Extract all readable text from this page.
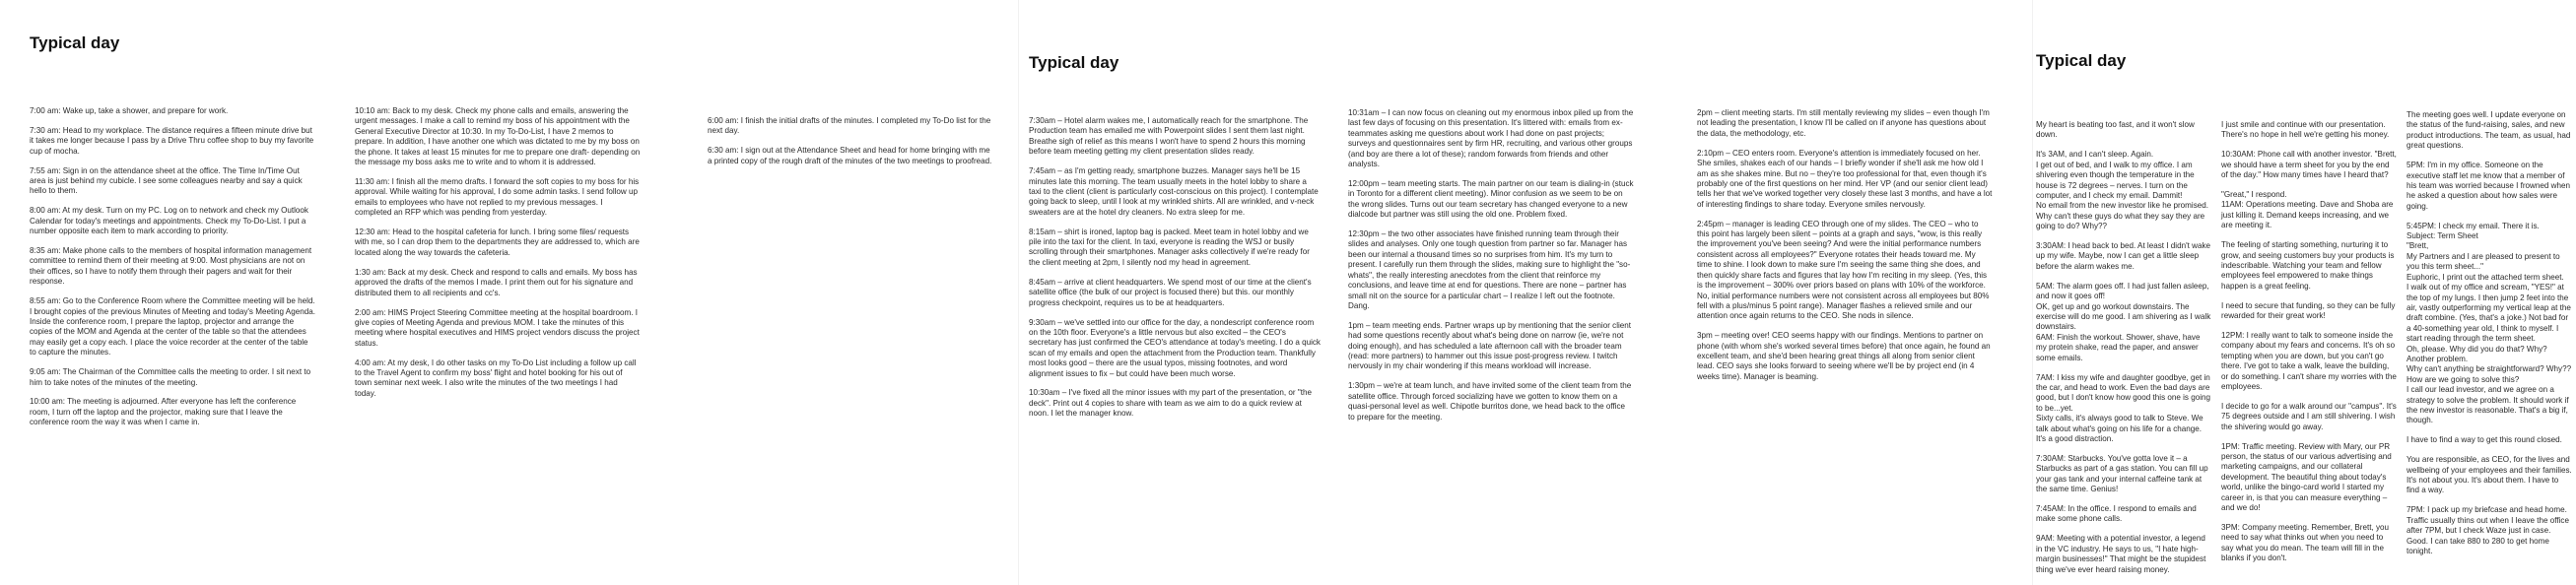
Typical day

7:00 am: Wake up, take a shower, and prepare for work.

7:30 am: Head to my workplace. The distance requires a fifteen minute drive but it takes me longer because I pass by a Drive Thru coffee shop to buy my favorite cup of mocha.

7:55 am: Sign in on the attendance sheet at the office. The Time In/Time Out area is just behind my cubicle. I see some colleagues nearby and say a quick hello to them.

8:00 am: At my desk. Turn on my PC. Log on to network and check my Outlook Calendar for today's meetings and appointments. Check my To-Do-List. I put a number opposite each item to mark according to priority.

8:35 am: Make phone calls to the members of hospital information management committee to remind them of their meeting at 9:00. Most physicians are not on their offices, so I have to notify them through their pagers and wait for their response.

8:55 am: Go to the Conference Room where the Committee meeting will be held. I brought copies of the previous Minutes of Meeting and today's Meeting Agenda. Inside the conference room, I prepare the laptop, projector and arrange the copies of the MOM and Agenda at the center of the table so that the attendees may easily get a copy each. I place the voice recorder at the center of the table to capture the minutes.

9:05 am: The Chairman of the Committee calls the meeting to order. I sit next to him to take notes of the minutes of the meeting.

10:00 am: The meeting is adjourned. After everyone has left the conference room, I turn off the laptop and the projector, making sure that I leave the conference room the way it was when I came in.

10:10 am: Back to my desk. Check my phone calls and emails, answering the urgent messages. I make a call to remind my boss of his appointment with the General Executive Director at 10:30. In my To-Do-List, I have 2 memos to prepare. In addition, I have another one which was dictated to me by my boss on the phone. It takes at least 15 minutes for me to prepare one draft- depending on the message my boss asks me to write and to whom it is addressed.

11:30 am: I finish all the memo drafts. I forward the soft copies to my boss for his approval. While waiting for his approval, I do some admin tasks. I send follow up emails to employees who have not replied to my previous messages. I completed an RFP which was pending from yesterday.

12:30 am: Head to the hospital cafeteria for lunch. I bring some files/ requests with me, so I can drop them to the departments they are addressed to, which are located along the way towards the cafeteria.

1:30 am: Back at my desk. Check and respond to calls and emails. My boss has approved the drafts of the memos I made. I print them out for his signature and distributed them to all recipients and cc's.

2:00 am: HIMS Project Steering Committee meeting at the hospital boardroom. I give copies of Meeting Agenda and previous MOM. I take the minutes of this meeting where hospital executives and HIMS project vendors discuss the project status.

4:00 am: At my desk, I do other tasks on my To-Do List including a follow up call to the Travel Agent to confirm my boss' flight and hotel booking for his out of town seminar next week. I also write the minutes of the two meetings I had today.

6:00 am: I finish the initial drafts of the minutes. I completed my To-Do list for the next day.

6:30 am: I sign out at the Attendance Sheet and head for home bringing with me a printed copy of the rough draft of the minutes of the two meetings to proofread.

Typical day

7:30am – Hotel alarm wakes me, I automatically reach for the smartphone. The Production team has emailed me with Powerpoint slides I sent them last night. Breathe sigh of relief as this means I won't have to spend 2 hours this morning before team meeting getting my client presentation slides ready.

7:45am – as I'm getting ready, smartphone buzzes. Manager says he'll be 15 minutes late this morning. The team usually meets in the hotel lobby to share a taxi to the client (client is particularly cost-conscious on this project). I contemplate going back to sleep, until I look at my wrinkled shirts. All are wrinkled, and v-neck sweaters are at the hotel dry cleaners. No extra sleep for me.

8:15am – shirt is ironed, laptop bag is packed. Meet team in hotel lobby and we pile into the taxi for the client. In taxi, everyone is reading the WSJ or busily scrolling through their smartphones. Manager asks collectively if we're ready for the client meeting at 2pm, I silently nod my head in agreement.

8:45am – arrive at client headquarters. We spend most of our time at the client's satellite office (the bulk of our project is focused there) but this. our monthly progress checkpoint, requires us to be at headquarters.

9:30am – we've settled into our office for the day, a nondescript conference room on the 10th floor. Everyone's a little nervous but also excited – the CEO's secretary has just confirmed the CEO's attendance at today's meeting. I do a quick scan of my emails and open the attachment from the Production team. Thankfully most looks good – there are the usual typos, missing footnotes, and word alignment issues to fix – but could have been much worse.

10:30am – I've fixed all the minor issues with my part of the presentation, or "the deck". Print out 4 copies to share with team as we aim to do a quick review at noon. I let the manager know.

10:31am – I can now focus on cleaning out my enormous inbox piled up from the last few days of focusing on this presentation. It's littered with: emails from ex-teammates asking me questions about work I had done on past projects; surveys and questionnaires sent by firm HR, recruiting, and various other groups (and boy are there a lot of these); random forwards from friends and other analysts.

12:00pm – team meeting starts. The main partner on our team is dialing-in (stuck in Toronto for a different client meeting). Minor confusion as we seem to be on the wrong slides. Turns out our team secretary has changed everyone to a new dialcode but partner was still using the old one. Problem fixed.

12:30pm – the two other associates have finished running team through their slides and analyses. Only one tough question from partner so far. Manager has been our internal a thousand times so no surprises from him. It's my turn to present. I carefully run them through the slides, making sure to highlight the "so-whats", the really interesting anecdotes from the client that reinforce my conclusions, and leave time at end for questions. There are none – partner has small nit on the source for a particular chart – I realize I left out the footnote. Dang.

1pm – team meeting ends. Partner wraps up by mentioning that the senior client had some questions recently about what's being done on narrow (ie, we're not doing enough), and has scheduled a late afternoon call with the broader team (read: more partners) to hammer out this issue post-progress review. I twitch nervously in my chair wondering if this means workload will increase.

1:30pm – we're at team lunch, and have invited some of the client team from the satellite office. Through forced socializing have we gotten to know them on a quasi-personal level as well. Chipotle burritos done, we head back to the office to prepare for the meeting.

2pm – client meeting starts. I'm still mentally reviewing my slides – even though I'm not leading the presentation, I know I'll be called on if anyone has questions about the data, the methodology, etc.

2:10pm – CEO enters room. Everyone's attention is immediately focused on her. She smiles, shakes each of our hands – I briefly wonder if she'll ask me how old I am as she shakes mine. But no – they're too professional for that, even though it's probably one of the first questions on her mind. Her VP (and our senior client lead) tells her that we've worked together very closely these last 3 months, and have a lot of interesting findings to share today. Everyone smiles nervously.

2:45pm – manager is leading CEO through one of my slides. The CEO – who to this point has largely been silent – points at a graph and says, "wow, is this really the improvement you've been seeing? And were the initial performance numbers consistent across all employees?" Everyone rotates their heads toward me. My time to shine. I look down to make sure I'm seeing the same thing she does, and then quickly share facts and figures that lay how I'm reciting in my sleep. (Yes, this is the improvement – 300% over priors based on plans with 10% of the workforce. No, initial performance numbers were not consistent across all employees but 80% fell with a plus/minus 5 point range). Manager flashes a relieved smile and our attention once again returns to the CEO. She nods in silence.

3pm – meeting over! CEO seems happy with our findings. Mentions to partner on phone (with whom she's worked several times before) that once again, he found an excellent team, and she'd been hearing great things all along from senior client lead. CEO says she looks forward to seeing where we'll be by project end (in 4 weeks time). Manager is beaming.

Typical day

My heart is beating too fast, and it won't slow down.

It's 3AM, and I can't sleep. Again.
I get out of bed, and I walk to my office. I am shivering even though the temperature in the house is 72 degrees – nerves. I turn on the computer, and I check my email. Dammit!
No email from the new investor like he promised. Why can't these guys do what they say they are going to do? Why??

3:30AM: I head back to bed. At least I didn't wake up my wife. Maybe, now I can get a little sleep before the alarm wakes me.

5AM: The alarm goes off. I had just fallen asleep, and now it goes off!
OK, get up and go workout downstairs. The exercise will do me good. I am shivering as I walk downstairs.
6AM: Finish the workout. Shower, shave, have my protein shake, read the paper, and answer some emails.

7AM: I kiss my wife and daughter goodbye, get in the car, and head to work. Even the bad days are good, but I don't know how good this one is going to be...yet.
Sixty calls, it's always good to talk to Steve. We talk about what's going on his life for a change. It's a good distraction.

7:30AM: Starbucks. You've gotta love it – a Starbucks as part of a gas station. You can fill up your gas tank and your internal caffeine tank at the same time. Genius!

7:45AM: In the office. I respond to emails and make some phone calls.

9AM: Meeting with a potential investor, a legend in the VC industry. He says to us, "I hate high-margin businesses!" That might be the stupidest thing we've ever heard raising money.

I just smile and continue with our presentation. There's no hope in hell we're getting his money.

10:30AM: Phone call with another investor. "Brett, we should have a term sheet for you by the end of the day." How many times have I heard that?

"Great," I respond.
11AM: Operations meeting. Dave and Shoba are just killing it. Demand keeps increasing, and we are meeting it.

The feeling of starting something, nurturing it to grow, and seeing customers buy your products is indescribable. Watching your team and fellow employees feel empowered to make things happen is a great feeling.

I need to secure that funding, so they can be fully rewarded for their great work!

12PM: I really want to talk to someone inside the company about my fears and concerns. It's oh so tempting when you are down, but you can't go there. I've got to take a walk, leave the building, or do something. I can't share my worries with the employees.

I decide to go for a walk around our "campus". It's 75 degrees outside and I am still shivering. I wish the shivering would go away.

1PM: Traffic meeting. Review with Mary, our PR person, the status of our various advertising and marketing campaigns, and our collateral development. The beautiful thing about today's world, unlike the bingo-card world I started my career in, is that you can measure everything – and we do!

3PM: Company meeting. Remember, Brett, you need to say what thinks out when you need to say what you do mean. The team will fill in the blanks if you don't.

The meeting goes well. I update everyone on the status of the fund-raising, sales, and new product introductions. The team, as usual, had great questions.

5PM: I'm in my office. Someone on the executive staff let me know that a member of his team was worried because I frowned when he asked a question about how sales were going.

5:45PM: I check my email. There it is.
Subject: Term Sheet
"Brett,
My Partners and I are pleased to present to you this term sheet..."
Euphoric, I print out the attached term sheet.
I walk out of my office and scream, "YES!" at the top of my lungs. I then jump 2 feet into the air, vastly outperforming my vertical leap at the draft combine. (Yes, that's a joke.) Not bad for a 40-something year old, I think to myself. I start reading through the term sheet.
Oh, please. Why did you do that? Why?
Another problem.
Why can't anything be straightforward? Why?? How are we going to solve this?
I call our lead investor, and we agree on a strategy to solve the problem. It should work if the new investor is reasonable. That's a big if, though.

I have to find a way to get this round closed.

You are responsible, as CEO, for the lives and wellbeing of your employees and their families. It's not about you. It's about them. I have to find a way.

7PM: I pack up my briefcase and head home. Traffic usually thins out when I leave the office after 7PM, but I check Waze just in case. Good. I can take 880 to 280 to get home tonight.
